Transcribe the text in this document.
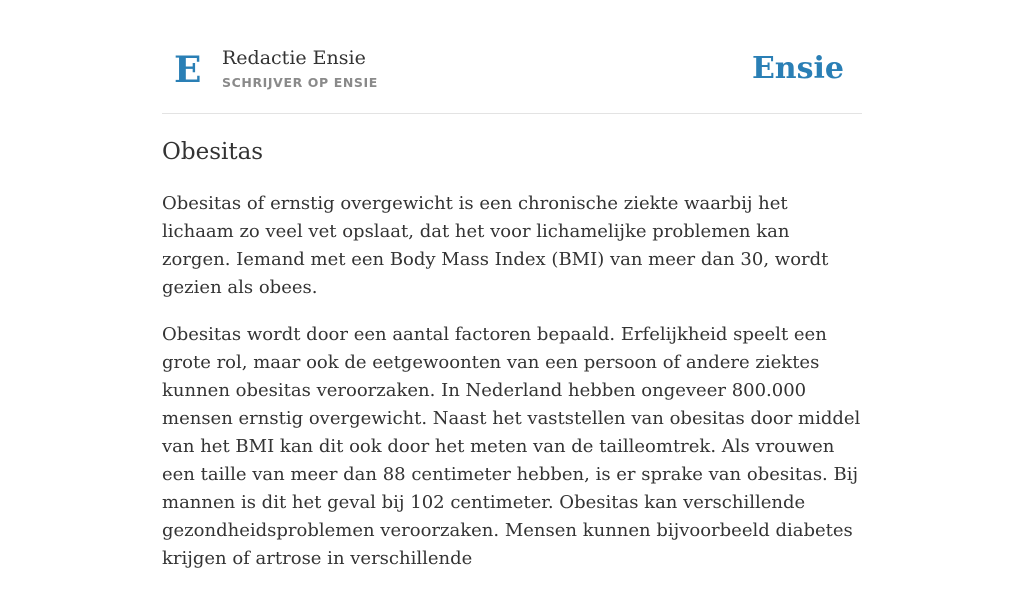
E Redactie Ensie
SCHRIJVER OP ENSIE	Ensie
Obesitas

Obesitas of ernstig overgewicht is een chronische ziekte waarbij het lichaam zo veel vet opslaat, dat het voor lichamelijke problemen kan zorgen. Iemand met een Body Mass Index (BMI) van meer dan 30, wordt gezien als obees.

Obesitas wordt door een aantal factoren bepaald. Erfelijkheid speelt een grote rol, maar ook de eetgewoonten van een persoon of andere ziektes kunnen obesitas veroorzaken. In Nederland hebben ongeveer 800.000 mensen ernstig overgewicht. Naast het vaststellen van obesitas door middel van het BMI kan dit ook door het meten van de tailleomtrek. Als vrouwen een taille van meer dan 88 centimeter hebben, is er sprake van obesitas. Bij mannen is dit het geval bij 102 centimeter. Obesitas kan verschillende gezondheidsproblemen veroorzaken. Mensen kunnen bijvoorbeeld diabetes krijgen of artrose in verschillende
